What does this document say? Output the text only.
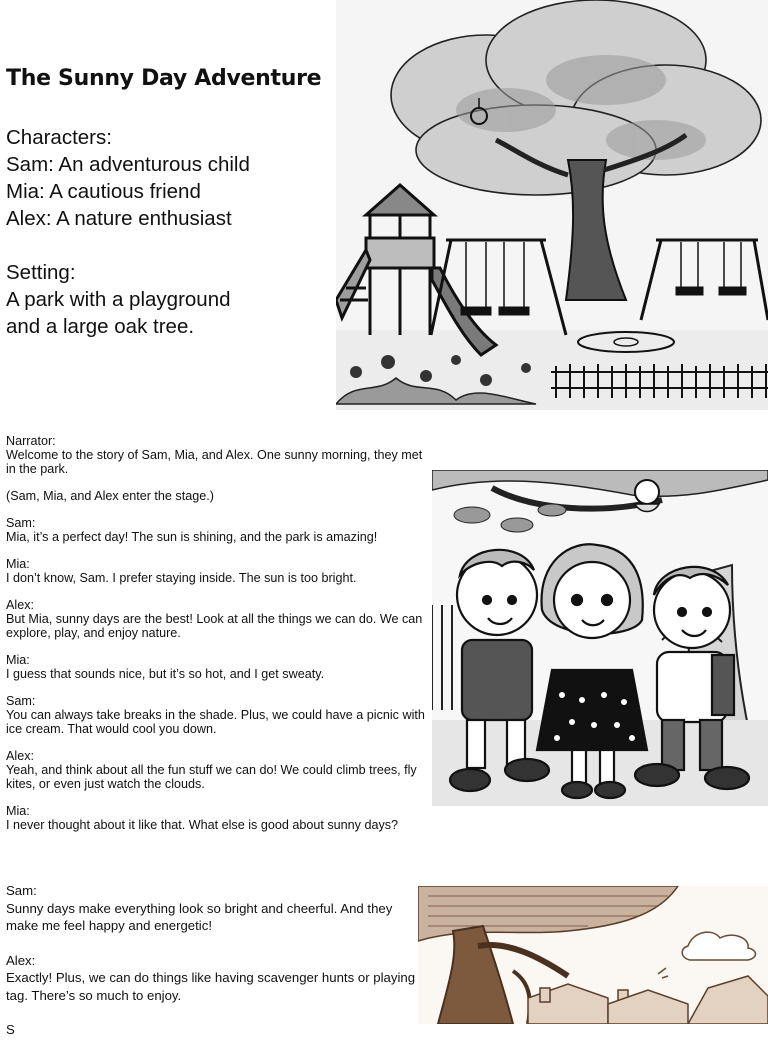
The Sunny Day Adventure
Characters:
Sam: An adventurous child
Mia: A cautious friend
Alex: A nature enthusiast
Setting:
A park with a playground
and a large oak tree.
Narrator:
Welcome to the story of Sam, Mia, and Alex. One sunny morning, they met in the park.
(Sam, Mia, and Alex enter the stage.)
Sam:
Mia, it’s a perfect day! The sun is shining, and the park is amazing!
Mia:
I don’t know, Sam. I prefer staying inside. The sun is too bright.
Alex:
But Mia, sunny days are the best! Look at all the things we can do. We can explore, play, and enjoy nature.
Mia:
I guess that sounds nice, but it’s so hot, and I get sweaty.
Sam:
You can always take breaks in the shade. Plus, we could have a picnic with ice cream. That would cool you down.
Alex:
Yeah, and think about all the fun stuff we can do! We could climb trees, fly kites, or even just watch the clouds.
Mia:
I never thought about it like that. What else is good about sunny days?
Sam:
Sunny days make everything look so bright and cheerful. And they make me feel happy and energetic!
Alex:
Exactly! Plus, we can do things like having scavenger hunts or playing tag. There’s so much to enjoy.
S
